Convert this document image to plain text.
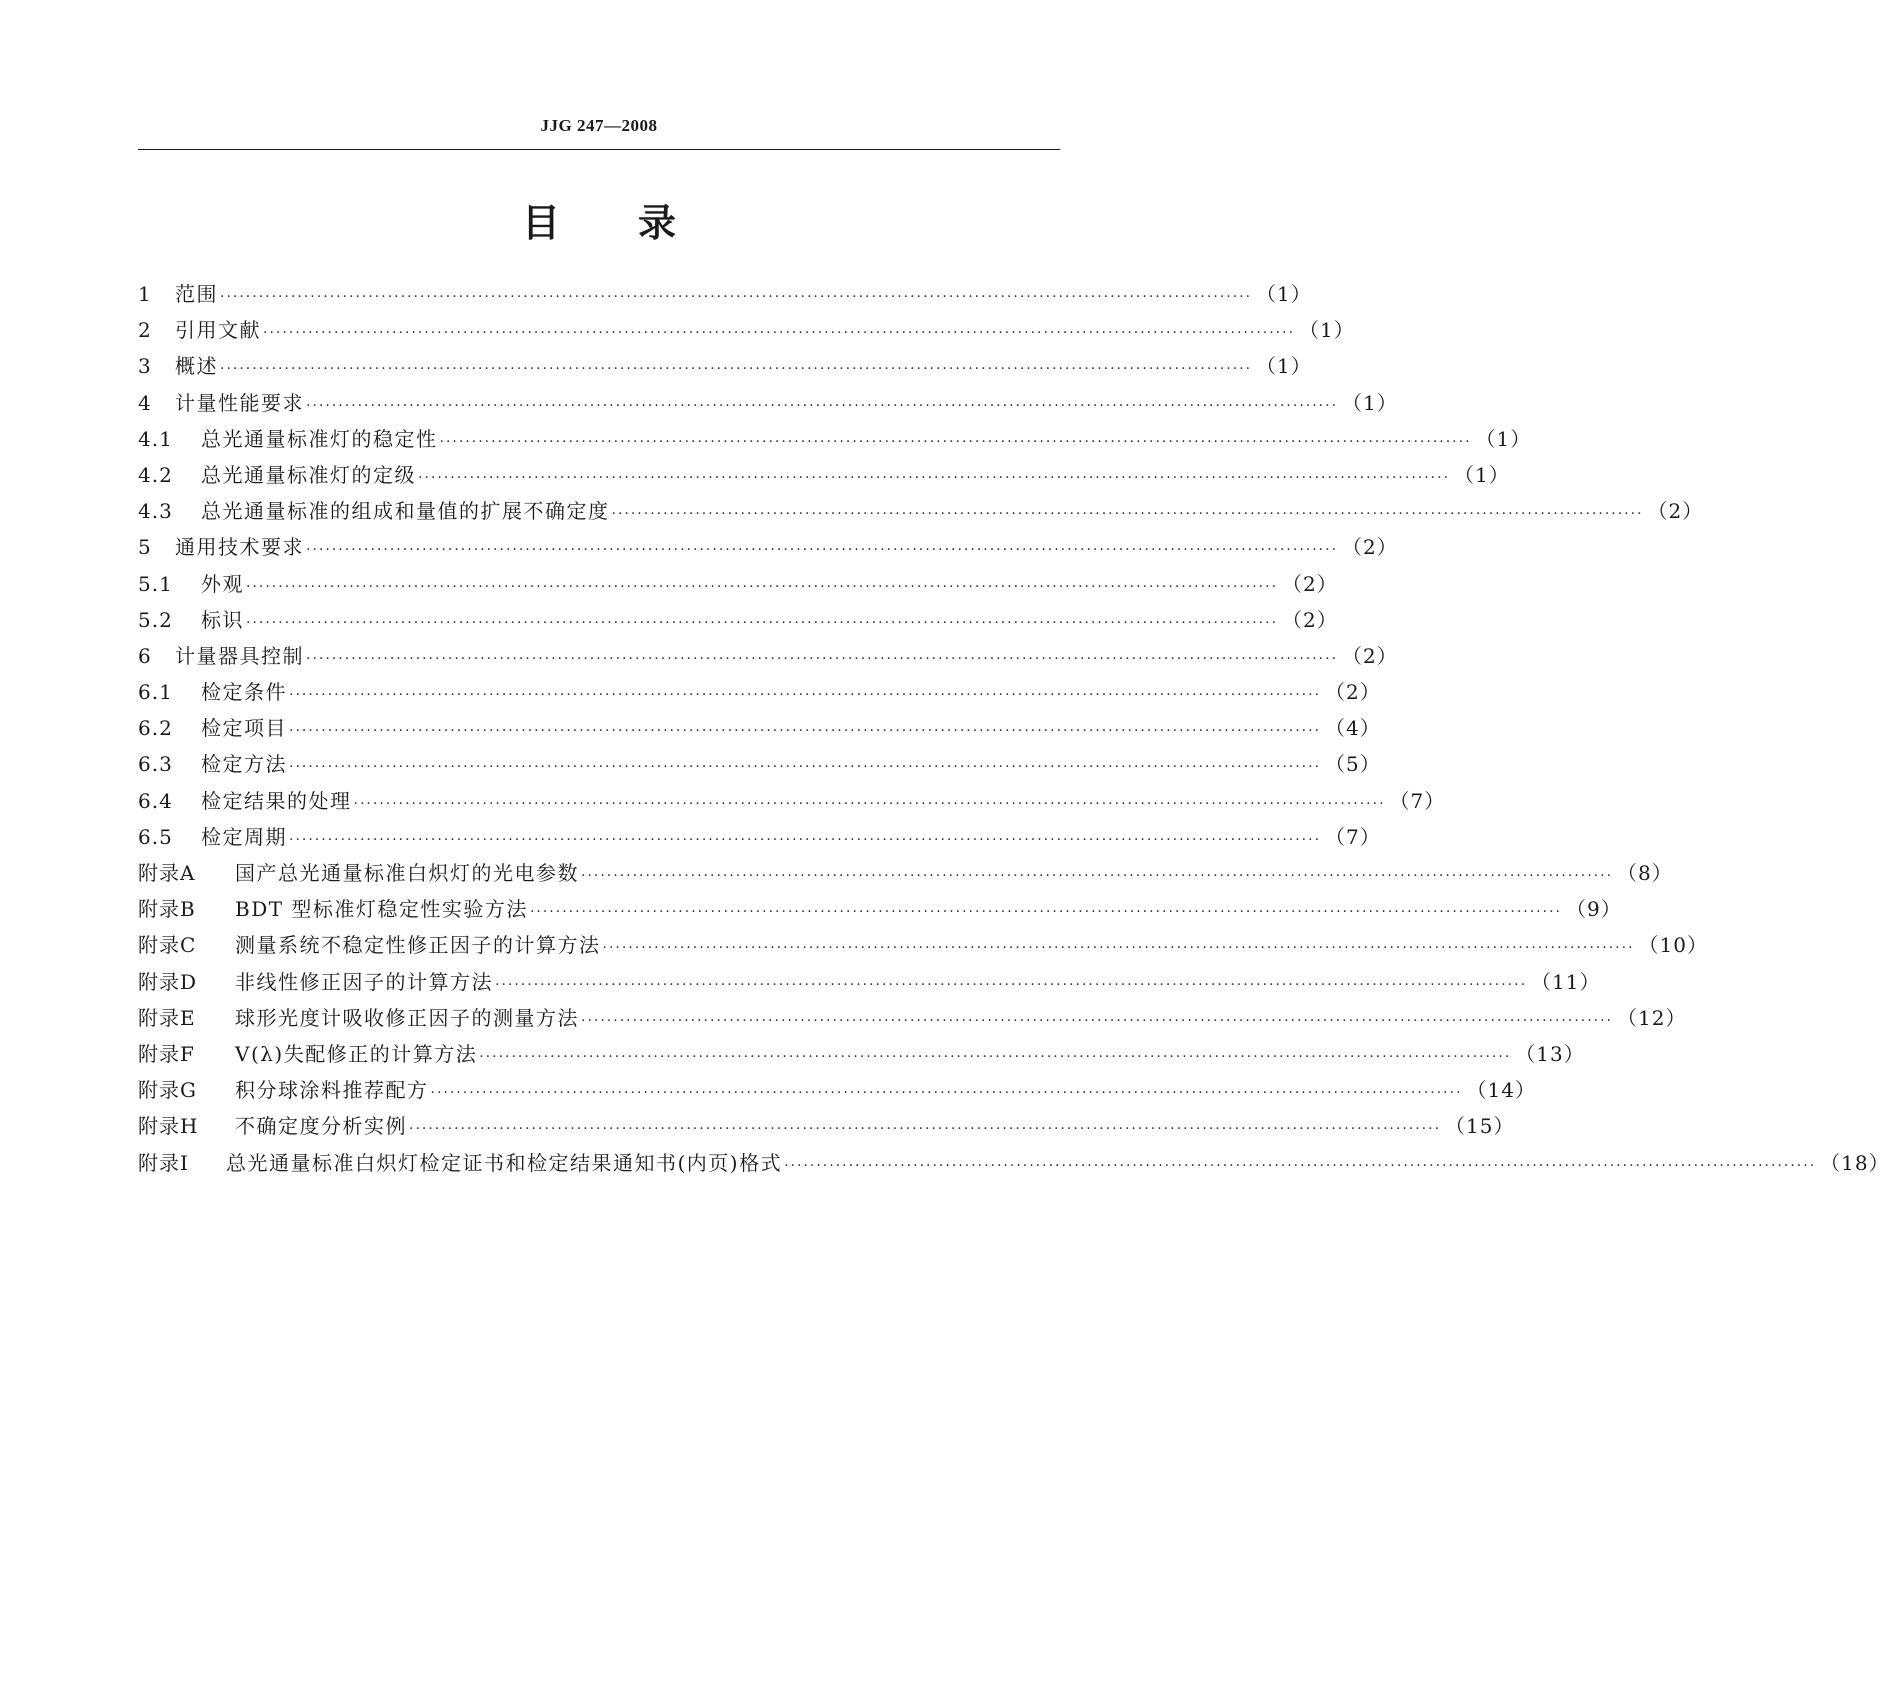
JJG 247—2008
目 录
1	范围 ·····	（1）
2	引用文献 ·····	（1）
3	概述 ·····	（1）
4	计量性能要求 ·····	（1）
4.1	总光通量标准灯的稳定性 ·····	（1）
4.2	总光通量标准灯的定级 ·····	（1）
4.3	总光通量标准的组成和量值的扩展不确定度 ·····	（2）
5	通用技术要求 ·····	（2）
5.1	外观 ·····	（2）
5.2	标识 ·····	（2）
6	计量器具控制 ·····	（2）
6.1	检定条件 ·····	（2）
6.2	检定项目 ·····	（4）
6.3	检定方法 ·····	（5）
6.4	检定结果的处理 ·····	（7）
6.5	检定周期 ·····	（7）
附录A	国产总光通量标准白炽灯的光电参数 ·····	（8）
附录B	BDT 型标准灯稳定性实验方法 ·····	（9）
附录C	测量系统不稳定性修正因子的计算方法 ·····	（10）
附录D	非线性修正因子的计算方法 ·····	（11）
附录E	球形光度计吸收修正因子的测量方法 ·····	（12）
附录F	V(λ)失配修正的计算方法 ·····	（13）
附录G	积分球涂料推荐配方 ·····	（14）
附录H	不确定度分析实例 ·····	（15）
附录I	总光通量标准白炽灯检定证书和检定结果通知书(内页)格式 ·····	（18）
